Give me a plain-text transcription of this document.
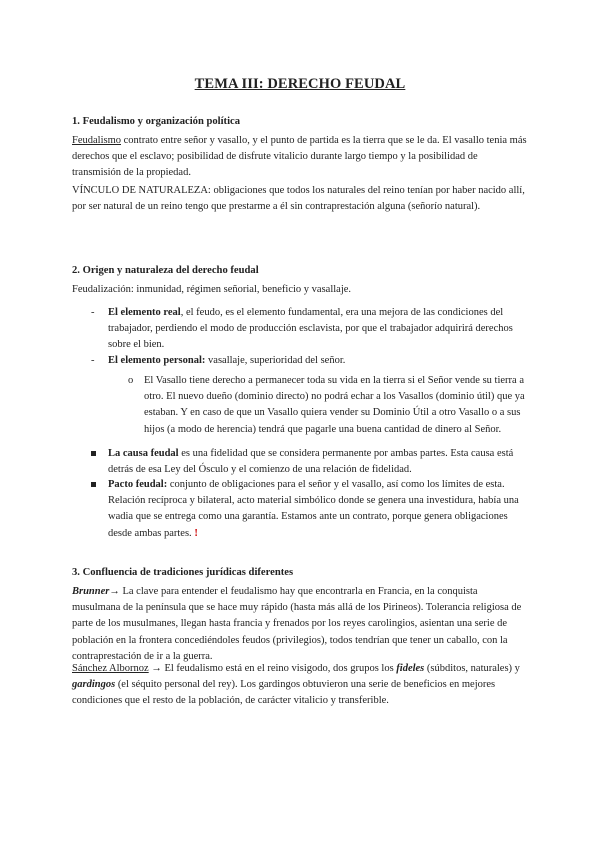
TEMA III: DERECHO FEUDAL
1. Feudalismo y organización política

Feudalismo contrato entre señor y vasallo, y el punto de partida es la tierra que se le da. El vasallo tenia más derechos que el esclavo; posibilidad de disfrute vitalicio durante largo tiempo y la posibilidad de transmisión de la propiedad.

VÍNCULO DE NATURALEZA: obligaciones que todos los naturales del reino tenían por haber nacido allí, por ser natural de un reino tengo que prestarme a él sin contraprestación alguna (señorío natural).

2. Origen y naturaleza del derecho feudal

Feudalización: inmunidad, régimen señorial, beneficio y vasallaje.

- El elemento real, el feudo, es el elemento fundamental, era una mejora de las condiciones del trabajador, perdiendo el modo de producción esclavista, por que el trabajador adquirirá derechos sobre el bien.

- El elemento personal: vasallaje, superioridad del señor.

o El Vasallo tiene derecho a permanecer toda su vida en la tierra si el Señor vende su tierra a otro. El nuevo dueño (dominio directo) no podrá echar a los Vasallos (dominio útil) que ya estaban. Y en caso de que un Vasallo quiera vender su Dominio Útil a otro Vasallo o a sus hijos (a modo de herencia) tendrá que pagarle una buena cantidad de dinero al Señor.

La causa feudal es una fidelidad que se considera permanente por ambas partes. Esta causa está detrás de esa Ley del Ósculo y el comienzo de una relación de fidelidad.

Pacto feudal: conjunto de obligaciones para el señor y el vasallo, así como los límites de esta. Relación recíproca y bilateral, acto material simbólico donde se genera una investidura, había una wadia que se entrega como una garantía. Estamos ante un contrato, porque genera obligaciones desde ambas partes. !

3. Confluencia de tradiciones jurídicas diferentes

Brunner→ La clave para entender el feudalismo hay que encontrarla en Francia, en la conquista musulmana de la península que se hace muy rápido (hasta más allá de los Pirineos). Tolerancia religiosa de parte de los musulmanes, llegan hasta francia y frenados por los reyes carolingios, asientan una serie de población en la frontera concediéndoles feudos (privilegios), todos tendrían que tener un caballo, con la contraprestación de ir a la guerra.

Sánchez Albornoz → El feudalismo está en el reino visigodo, dos grupos los fideles (súbditos, naturales) y gardingos (el séquito personal del rey). Los gardingos obtuvieron una serie de beneficios en mejores condiciones que el resto de la población, de carácter vitalicio y transferible.
